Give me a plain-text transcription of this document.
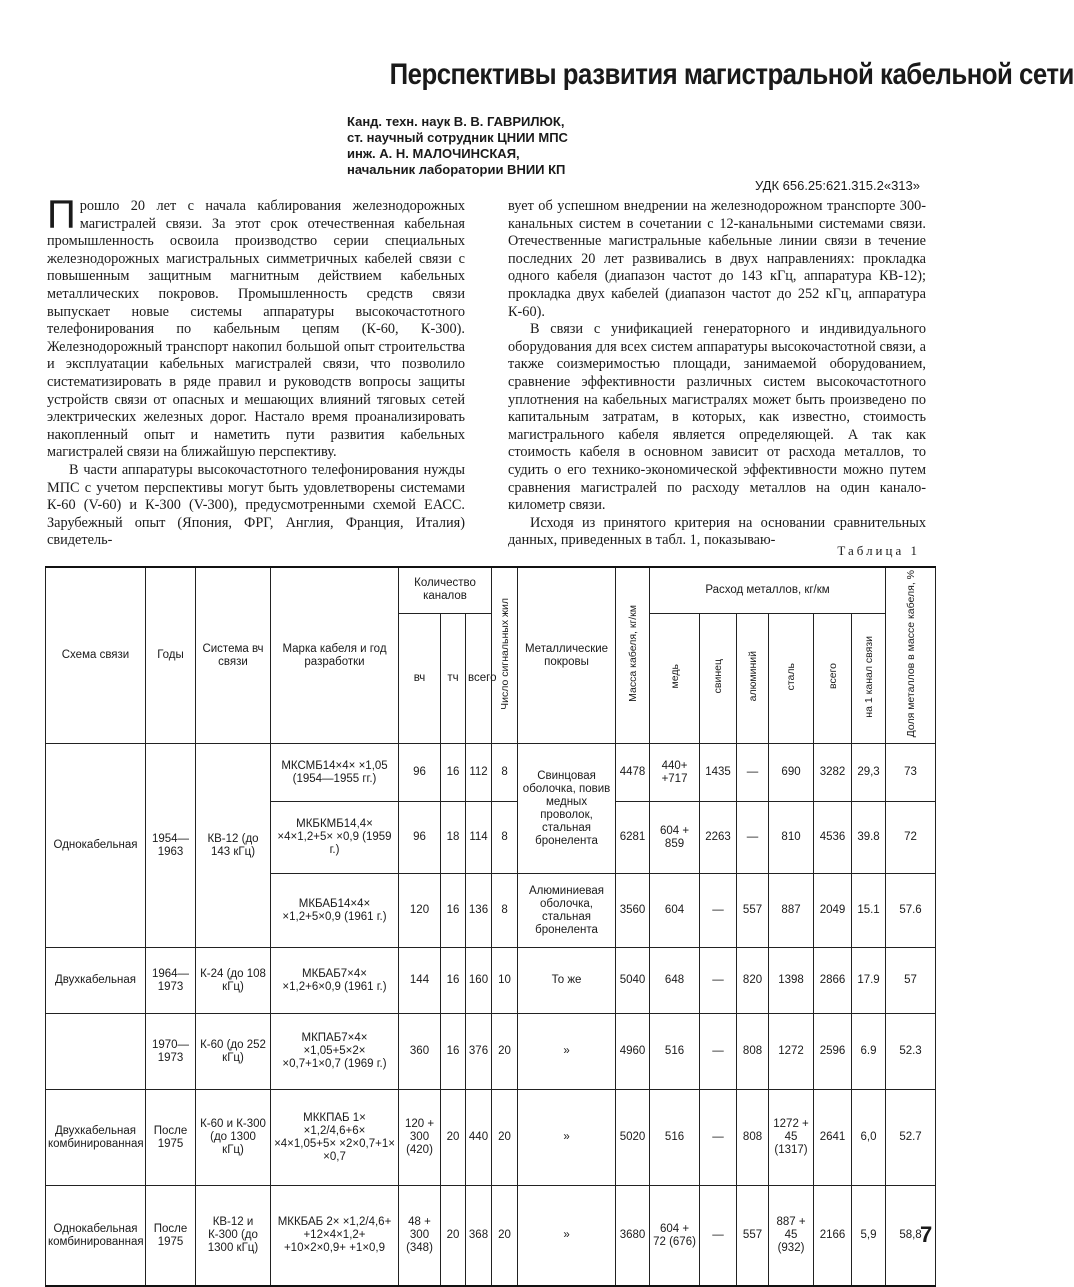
Перспективы развития магистральной кабельной сети
Канд. техн. наук В. В. ГАВРИЛЮК,
ст. научный сотрудник ЦНИИ МПС
инж. А. Н. МАЛОЧИНСКАЯ,
начальник лаборатории ВНИИ КП
УДК 656.25:621.315.2«313»

Прошло 20 лет с начала каблирования железнодорожных магистралей связи. За этот срок отечественная кабельная промышленность освоила производство серии специальных железнодорожных магистральных симметричных кабелей связи с повышенным защитным магнитным действием кабельных металлических покровов. Промышленность средств связи выпускает новые системы аппаратуры высокочастотного телефонирования по кабельным цепям (К-60, К-300). Железнодорожный транспорт накопил большой опыт строительства и эксплуатации кабельных магистралей связи, что позволило систематизировать в ряде правил и руководств вопросы защиты устройств связи от опасных и мешающих влияний тяговых сетей электрических железных дорог. Настало время проанализировать накопленный опыт и наметить пути развития кабельных магистралей связи на ближайшую перспективу.

В части аппаратуры высокочастотного телефонирования нужды МПС с учетом перспективы могут быть удовлетворены системами К-60 (V-60) и К-300 (V-300), предусмотренными схемой ЕАСС. Зарубежный опыт (Япония, ФРГ, Англия, Франция, Италия) свидетель-

вует об успешном внедрении на железнодорожном транспорте 300-канальных систем в сочетании с 12-канальными системами связи. Отечественные магистральные кабельные линии связи в течение последних 20 лет развивались в двух направлениях: прокладка одного кабеля (диапазон частот до 143 кГц, аппаратура КВ-12); прокладка двух кабелей (диапазон частот до 252 кГц, аппаратура К-60).

В связи с унификацией генераторного и индивидуального оборудования для всех систем аппаратуры высокочастотной связи, а также соизмеримостью площади, занимаемой оборудованием, сравнение эффективности различных систем высокочастотного уплотнения на кабельных магистралях может быть произведено по капитальным затратам, в которых, как известно, стоимость магистрального кабеля является определяющей. А так как стоимость кабеля в основном зависит от расхода металлов, то судить о его технико-экономической эффективности можно путем сравнения магистралей по расходу металлов на один канало-километр связи.

Исходя из принятого критерия на основании сравнительных данных, приведенных в табл. 1, показываю-

Таблица 1
Схема связи	Годы	Система вч связи	Марка кабеля и год разработки	Количество каналов			Число сигнальных жил	Металлические покровы	Масса кабеля, кг/км	Расход металлов, кг/км						Доля металлов в массе кабеля, %
				вч	тч	всего				медь	свинец	алюминий	сталь	всего	на 1 канал связи	
Однокабельная	1954— 1963	КВ-12 (до 143 кГц)	МКСМБ14×4× ×1,05 (1954—1955 гг.)	96	16	112	8	Свинцовая оболочка, повив медных проволок, стальная бронелента	4478	440+ +717	1435	—	690	3282	29,3	73
			МКБКМБ14,4× ×4×1,2+5× ×0,9 (1959 г.)	96	18	114	8		6281	604 + 859	2263	—	810	4536	39.8	72
			МКБАБ14×4× ×1,2+5×0,9 (1961 г.)	120	16	136	8	Алюминиевая оболочка, стальная бронелента	3560	604	—	557	887	2049	15.1	57.6
Двухкабельная	1964— 1973	К-24 (до 108 кГц)	МКБАБ7×4× ×1,2+6×0,9 (1961 г.)	144	16	160	10	То же	5040	648	—	820	1398	2866	17.9	57
	1970— 1973	К-60 (до 252 кГц)	МКПАБ7×4× ×1,05+5×2× ×0,7+1×0,7 (1969 г.)	360	16	376	20	»	4960	516	—	808	1272	2596	6.9	52.3
Двухкабельная комбинированная	После 1975	К-60 и К-300 (до 1300 кГц)	МККПАБ 1× ×1,2/4,6+6× ×4×1,05+5× ×2×0,7+1× ×0,7	120 + 300 (420)	20	440	20	»	5020	516	—	808	1272 + 45 (1317)	2641	6,0	52.7
Однокабельная комбинированная	После 1975	КВ-12 и К-300 (до 1300 кГц)	МККБАБ 2× ×1,2/4,6+ +12×4×1,2+ +10×2×0,9+ +1×0,9	48 + 300 (348)	20	368	20	»	3680	604 + 72 (676)	—	557	887 + 45 (932)	2166	5,9	58,8
7
